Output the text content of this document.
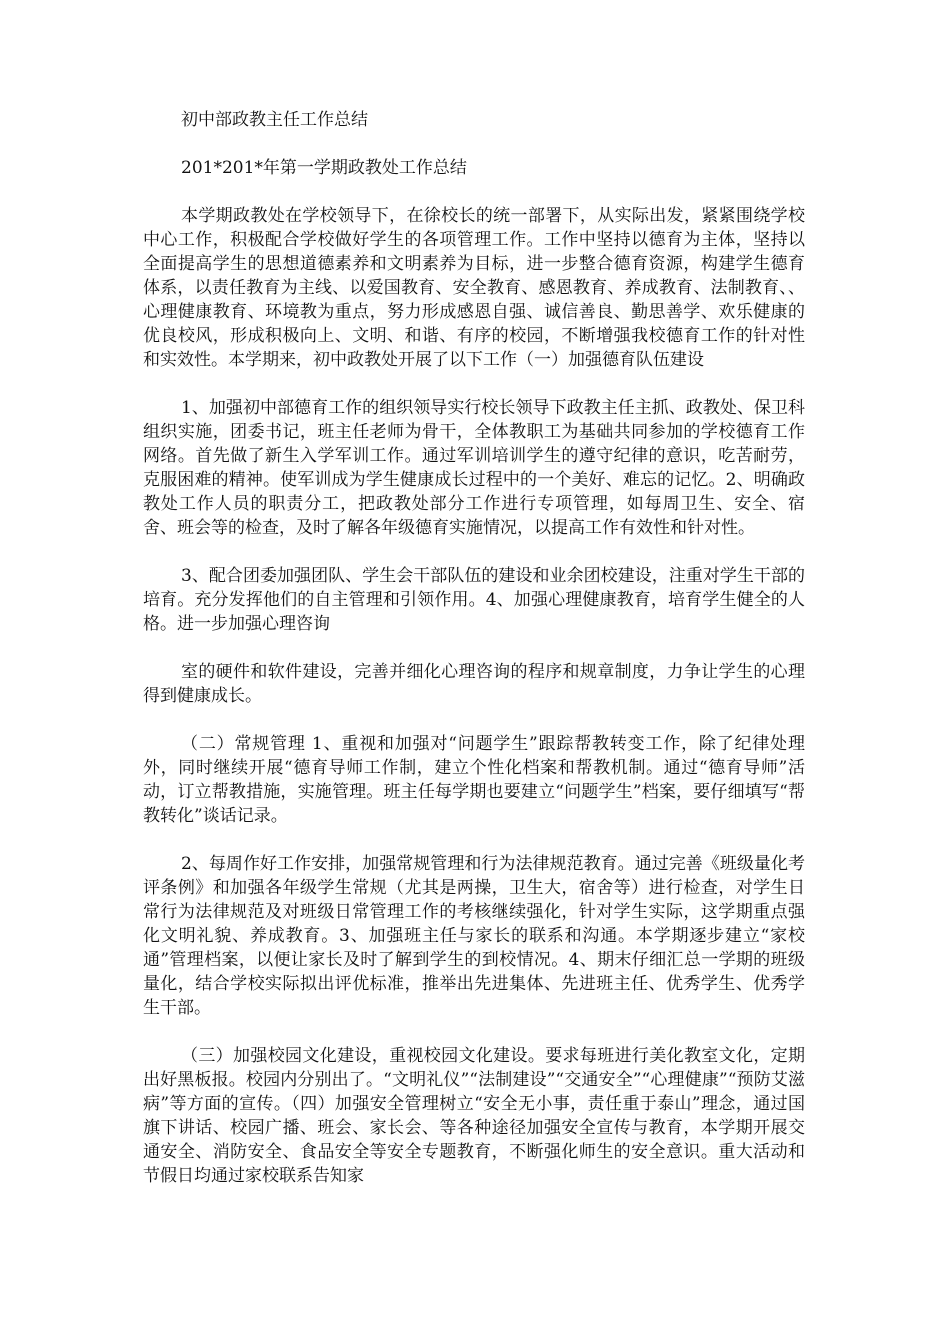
初中部政教主任工作总结
201*201*年第一学期政教处工作总结

本学期政教处在学校领导下，在徐校长的统一部署下，从实际出发，紧紧围绕学校中心工作，积极配合学校做好学生的各项管理工作。工作中坚持以德育为主体，坚持以全面提高学生的思想道德素养和文明素养为目标，进一步整合德育资源，构建学生德育体系，以责任教育为主线、以爱国教育、安全教育、感恩教育、养成教育、法制教育、、心理健康教育、环境教为重点，努力形成感恩自强、诚信善良、勤思善学、欢乐健康的优良校风，形成积极向上、文明、和谐、有序的校园，不断增强我校德育工作的针对性和实效性。本学期来，初中政教处开展了以下工作（一）加强德育队伍建设

1、加强初中部德育工作的组织领导实行校长领导下政教主任主抓、政教处、保卫科组织实施，团委书记，班主任老师为骨干，全体教职工为基础共同参加的学校德育工作网络。首先做了新生入学军训工作。通过军训培训学生的遵守纪律的意识，吃苦耐劳，克服困难的精神。使军训成为学生健康成长过程中的一个美好、难忘的记忆。2、明确政教处工作人员的职责分工，把政教处部分工作进行专项管理，如每周卫生、安全、宿舍、班会等的检查，及时了解各年级德育实施情况，以提高工作有效性和针对性。

3、配合团委加强团队、学生会干部队伍的建设和业余团校建设，注重对学生干部的培育。充分发挥他们的自主管理和引领作用。4、加强心理健康教育，培育学生健全的人格。进一步加强心理咨询

室的硬件和软件建设，完善并细化心理咨询的程序和规章制度，力争让学生的心理得到健康成长。

（二）常规管理 1、重视和加强对“问题学生”跟踪帮教转变工作，除了纪律处理外，同时继续开展“德育导师工作制，建立个性化档案和帮教机制。通过“德育导师”活动，订立帮教措施，实施管理。班主任每学期也要建立“问题学生”档案，要仔细填写“帮教转化”谈话记录。

2、每周作好工作安排，加强常规管理和行为法律规范教育。通过完善《班级量化考评条例》和加强各年级学生常规（尤其是两操，卫生大，宿舍等）进行检查，对学生日常行为法律规范及对班级日常管理工作的考核继续强化，针对学生实际，这学期重点强化文明礼貌、养成教育。3、加强班主任与家长的联系和沟通。本学期逐步建立“家校通”管理档案，以便让家长及时了解到学生的到校情况。4、期末仔细汇总一学期的班级量化，结合学校实际拟出评优标准，推举出先进集体、先进班主任、优秀学生、优秀学生干部。

（三）加强校园文化建设，重视校园文化建设。要求每班进行美化教室文化，定期出好黑板报。校园内分别出了。“文明礼仪”“法制建设”“交通安全”“心理健康”“预防艾滋病”等方面的宣传。（四）加强安全管理树立“安全无小事，责任重于泰山”理念，通过国旗下讲话、校园广播、班会、家长会、等各种途径加强安全宣传与教育，本学期开展交通安全、消防安全、食品安全等安全专题教育，不断强化师生的安全意识。重大活动和节假日均通过家校联系告知家
